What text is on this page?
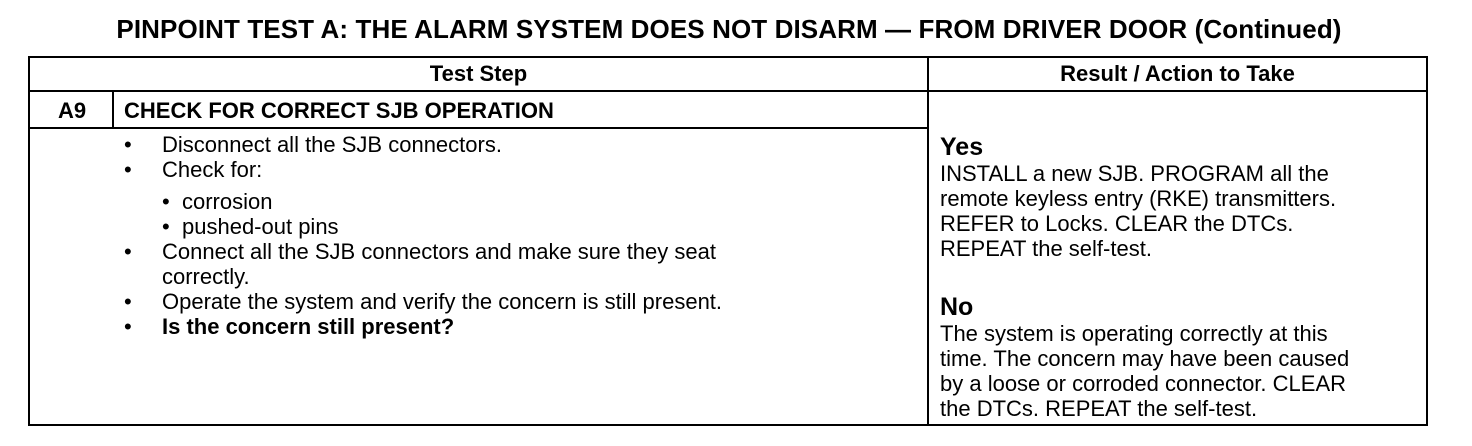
PINPOINT TEST A: THE ALARM SYSTEM DOES NOT DISARM — FROM DRIVER DOOR (Continued)
Test Step	Result / Action to Take
A9	CHECK FOR CORRECT SJB OPERATION
• Disconnect all the SJB connectors.
• Check for:
• corrosion
• pushed-out pins
• Connect all the SJB connectors and make sure they seat
correctly.
• Operate the system and verify the concern is still present.
• Is the concern still present?
Yes
INSTALL a new SJB. PROGRAM all the
remote keyless entry (RKE) transmitters.
REFER to Locks. CLEAR the DTCs.
REPEAT the self-test.
No
The system is operating correctly at this
time. The concern may have been caused
by a loose or corroded connector. CLEAR
the DTCs. REPEAT the self-test.
